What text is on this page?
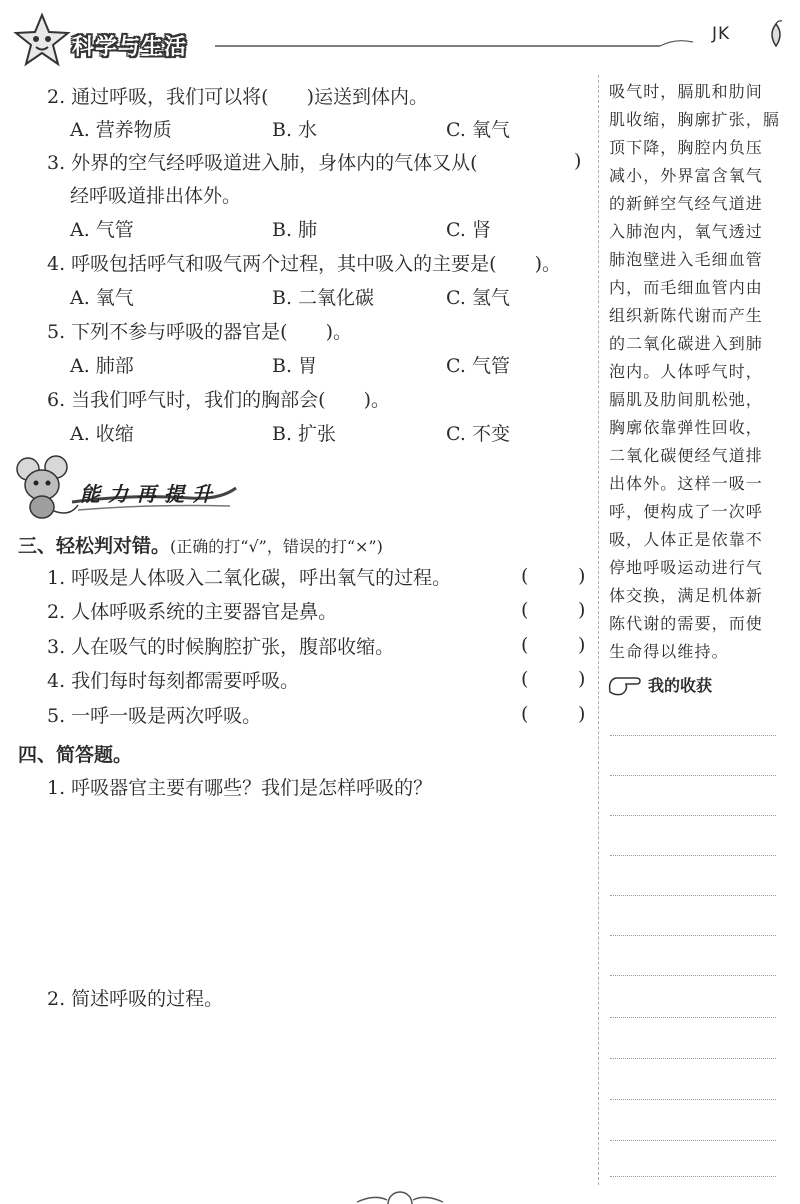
科学与生活
JK
2. 通过呼吸，我们可以将(　　)运送到体内。
A. 营养物质	B. 水	C. 氧气
3. 外界的空气经呼吸道进入肺，身体内的气体又从(	)
经呼吸道排出体外。
A. 气管	B. 肺	C. 肾
4. 呼吸包括呼气和吸气两个过程，其中吸入的主要是(　　)。
A. 氧气	B. 二氧化碳	C. 氢气
5. 下列不参与呼吸的器官是(　　)。
A. 肺部	B. 胃	C. 气管
6. 当我们呼气时，我们的胸部会(　　)。
A. 收缩	B. 扩张	C. 不变
能力再提升
三、轻松判对错。(正确的打“√”，错误的打“×”)
1. 呼吸是人体吸入二氧化碳，呼出氧气的过程。	(	)
2. 人体呼吸系统的主要器官是鼻。	(	)
3. 人在吸气的时候胸腔扩张，腹部收缩。	(	)
4. 我们每时每刻都需要呼吸。	(	)
5. 一呼一吸是两次呼吸。	(	)
四、简答题。
1. 呼吸器官主要有哪些？我们是怎样呼吸的？
2. 简述呼吸的过程。
吸气时，膈肌和肋间
肌收缩，胸廓扩张，膈
顶下降，胸腔内负压
减小，外界富含氧气
的新鲜空气经气道进
入肺泡内，氧气透过
肺泡壁进入毛细血管
内，而毛细血管内由
组织新陈代谢而产生
的二氧化碳进入到肺
泡内。人体呼气时，
膈肌及肋间肌松弛，
胸廓依靠弹性回收，
二氧化碳便经气道排
出体外。这样一吸一
呼，便构成了一次呼
吸，人体正是依靠不
停地呼吸运动进行气
体交换，满足机体新
陈代谢的需要，而使
生命得以维持。
我的收获
